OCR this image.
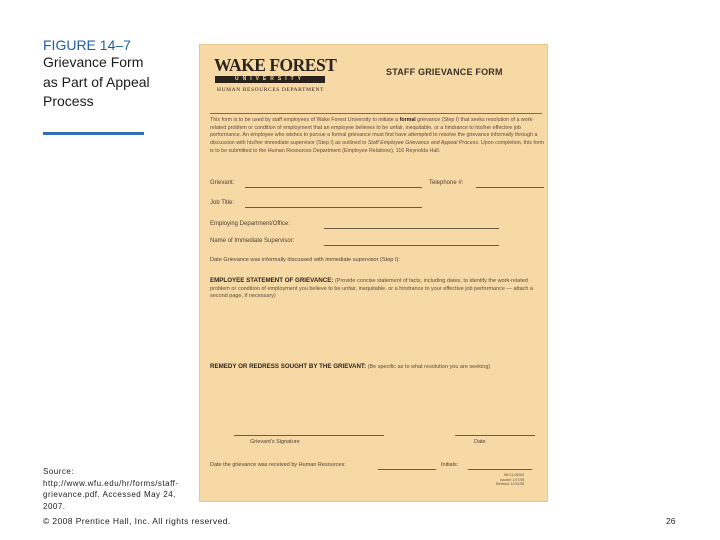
FIGURE 14–7
Grievance Form as Part of Appeal Process
Source: http://www.wfu.edu/hr/forms/staff-grievance.pdf. Accessed May 24, 2007.
© 2008 Prentice Hall, Inc. All rights reserved.	26
WAKE FOREST
UNIVERSITY
HUMAN RESOURCES DEPARTMENT
STAFF GRIEVANCE FORM
This form is to be used by staff employees of Wake Forest University to initiate a formal grievance (Step I) that seeks resolution of a work-related problem or condition of employment that an employee believes to be unfair, inequitable, or a hindrance to his/her effective job performance. An employee who wishes to pursue a formal grievance must first have attempted to resolve the grievance informally through a discussion with his/her immediate supervisor (Step I) as outlined in Staff Employee Grievance and Appeal Process. Upon completion, this form is to be submitted to the Human Resources Department (Employee Relations), 116 Reynolda Hall.
Grievant:	Telephone #:
Job Title:
Employing Department/Office:
Name of Immediate Supervisor:
Date Grievance was informally discussed with immediate supervisor (Step I):
EMPLOYEE STATEMENT OF GRIEVANCE: (Provide concise statement of facts, including dates, to identify the work-related problem or condition of employment you believe to be unfair, inequitable, or a hindrance to your effective job performance — attach a second page, if necessary)
REMEDY OR REDRESS SOUGHT BY THE GRIEVANT: (Be specific as to what resolution you are seeking)
Grievant's Signature	Date
Date the grievance was received by Human Resources:	Initials:
Wf-01-00002
Issued: 1/17/05
Revised: 12/31/05
